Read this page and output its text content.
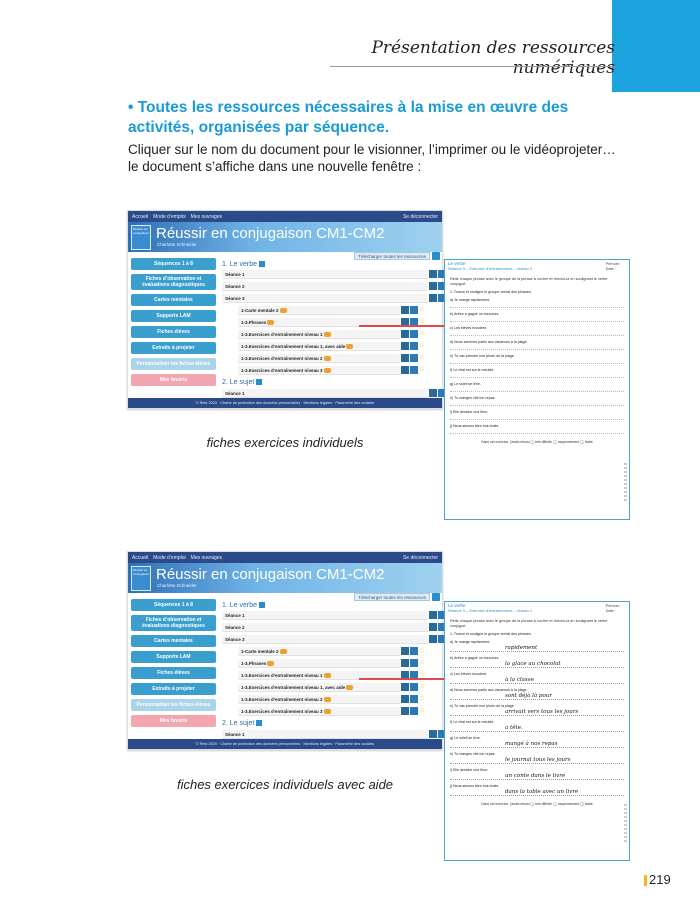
Présentation des ressources numériques
• Toutes les ressources nécessaires à la mise en œuvre des activités, organisées par séquence.
Cliquer sur le nom du document pour le visionner, l’imprimer ou le vidéoprojeter…
le document s’affiche dans une nouvelle fenêtre :
Accueil Mode d’emploi Mes ouvrages	Se déconnecter
Réussir en conjugaison Réussir en conjugaison CM1-CM2
Charlotte Schneider
Séquences 1 à 8
Fiches d’observation et évaluations diagnostiques
Cartes mentales
Supports LAM
Fiches élèves
Extraits à projeter
Personnaliser les fiches élèves
Mes favoris
Télécharger toutes les ressources
1. Le verbe
Séance 1
Séance 2
Séance 3
1-Carte mentale 2	☆
1-3.Phrases	☆
1-3.Exercices d’entraînement niveau 1	☆
1-3.Exercices d’entraînement niveau 1, avec aide	☆
1-3.Exercices d’entraînement niveau 2	☆
1-3.Exercices d’entraînement niveau 3	☆
2. Le sujet
Séance 1
© Retz 2020 · Charte de protection des données personnelles · Mentions légales · Paramètre des cookies
fiches exercices individuels
Le verbe
Séance 3 – Exercice d’entraînement – niveau 1
Prénom :
Date :
Relie chaque phrase avec le groupe de la phrase à cocher et réécris-la en soulignant le verbe conjugué.
1. Trouve et souligne le groupe verbal des phrases.
a) Je mange rapidement.
b) Arthur a gagné un concours.
c) Les élèves écoutent.
d) Nous sommes partis aux vacances à la plage.
e) Tu vas prendre une photo de la plage.
f) Le chat est sur le meuble.
g) Le soleil se lève.
h) Tu manges vite ton repas.
i) Elle dessine une fleur.
j) Nous aimons bien nos chats.
Dans cet exercice, j’avais réussi ◯ très difficile ◯ moyennement ◯ facile
Accueil Mode d’emploi Mes ouvrages	Se déconnecter
Réussir en conjugaison Réussir en conjugaison CM1-CM2
Charlotte Schneider
Séquences 1 à 8
Fiches d’observation et évaluations diagnostiques
Cartes mentales
Supports LAM
Fiches élèves
Extraits à projeter
Personnaliser les fiches élèves
Mes favoris
Télécharger toutes les ressources
1. Le verbe
Séance 1
Séance 2
Séance 3
1-Carte mentale 2	☆
1-3.Phrases	☆
1-3.Exercices d’entraînement niveau 1	☆
1-3.Exercices d’entraînement niveau 1, avec aide	☆
1-3.Exercices d’entraînement niveau 2	☆
1-3.Exercices d’entraînement niveau 3	☆
2. Le sujet
Séance 1
© Retz 2020 · Charte de protection des données personnelles · Mentions légales · Paramètre des cookies
fiches exercices individuels avec aide
Le verbe
Séance 3 – Exercice d’entraînement – niveau 1
Prénom :
Date :
Relie chaque phrase avec le groupe de la phrase à cocher et réécris-la en soulignant le verbe conjugué.
1. Trouve et souligne le groupe verbal des phrases.
a) Je mange rapidement.
rapidement
b) Arthur a gagné un concours.
la glace au chocolat
c) Les élèves écoutent.
à la classe
d) Nous sommes partis aux vacances à la plage.
sont déjà là pour
e) Tu vas prendre une photo de la plage.
arrivait vers tous les jours
f) Le chat est sur le meuble.
a tête.
g) Le soleil se lève.
mangé à nos repas
h) Tu manges vite ton repas.
le journal tous les jours
i) Elle dessine une fleur.
un conte dans le livre
j) Nous aimons bien nos chats.
dans la table avec un livre
Dans cet exercice, j’avais réussi ◯ très difficile ◯ moyennement ◯ facile
219
